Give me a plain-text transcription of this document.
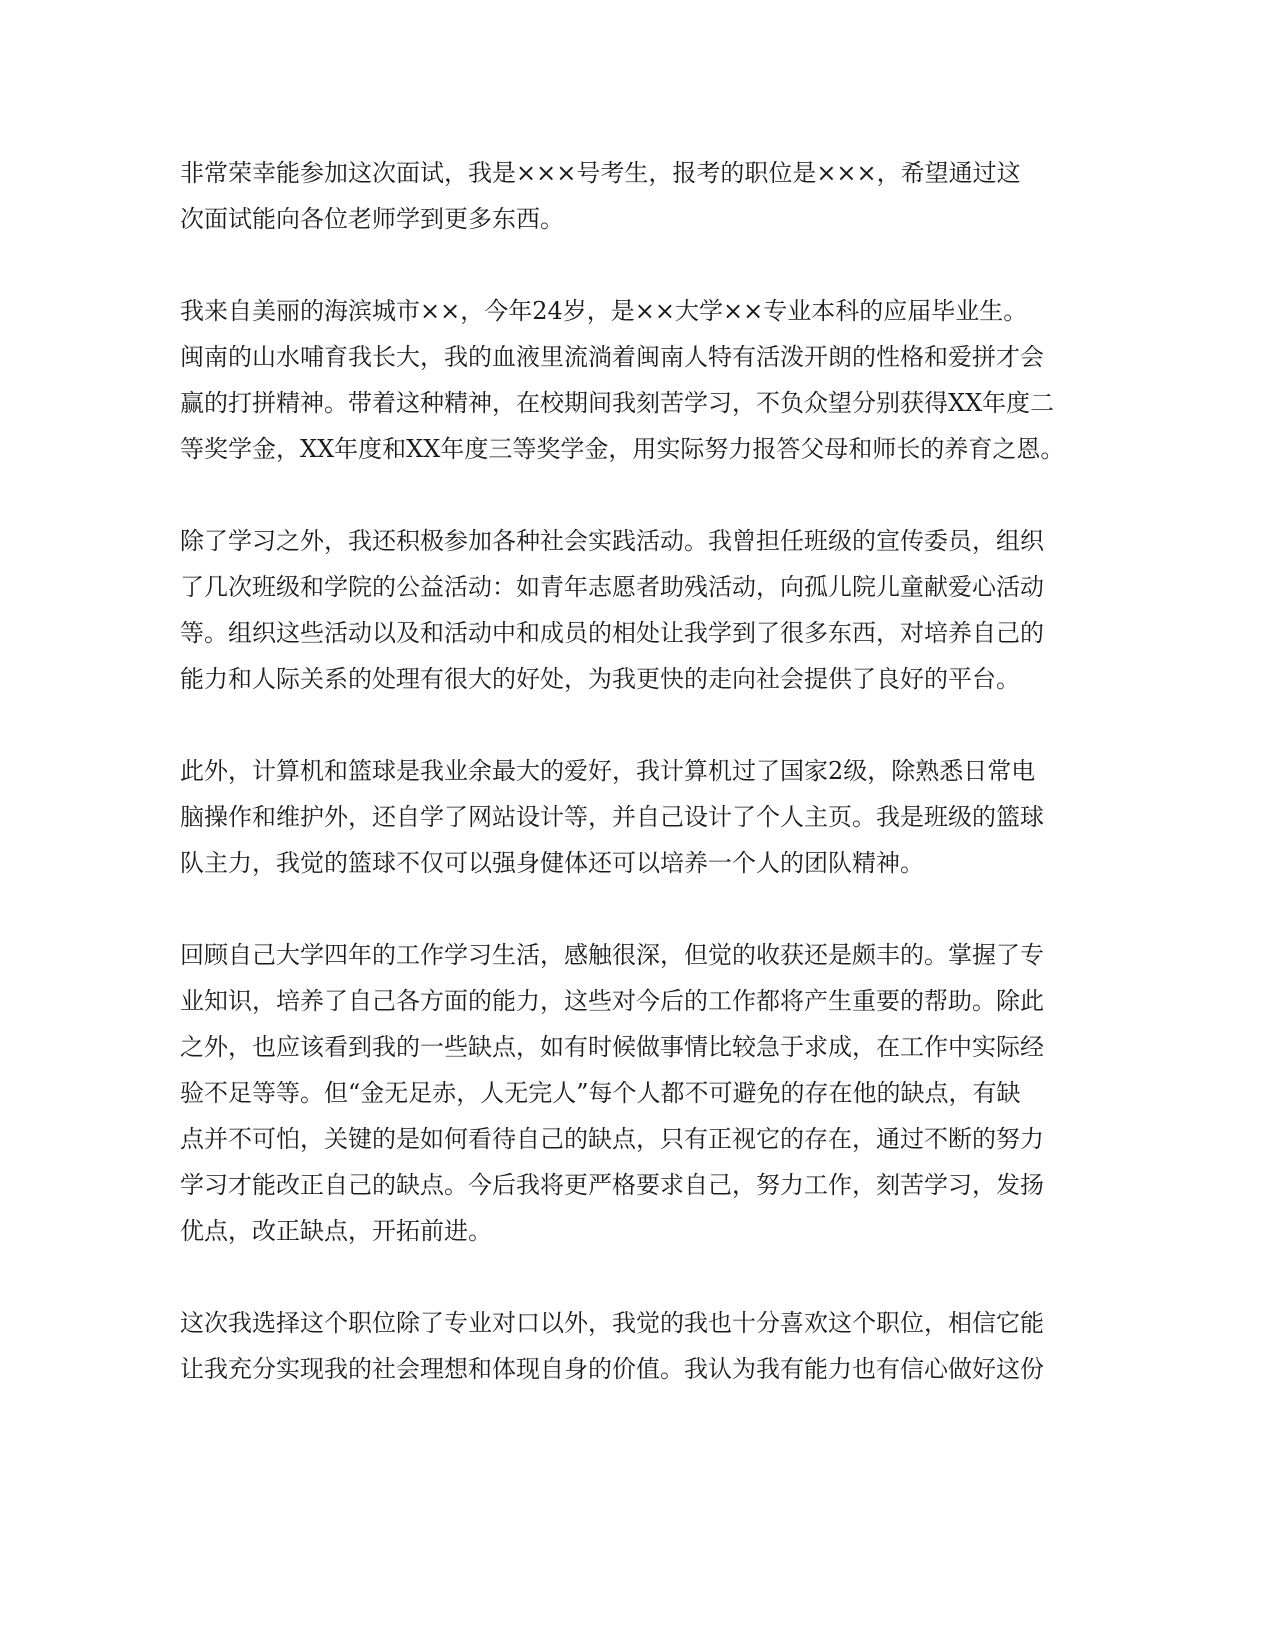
非常荣幸能参加这次面试，我是×××号考生，报考的职位是×××，希望通过这
次面试能向各位老师学到更多东西。
我来自美丽的海滨城市××，今年24岁，是××大学××专业本科的应届毕业生。
闽南的山水哺育我长大，我的血液里流淌着闽南人特有活泼开朗的性格和爱拼才会
赢的打拼精神。带着这种精神，在校期间我刻苦学习，不负众望分别获得XX年度二
等奖学金，XX年度和XX年度三等奖学金，用实际努力报答父母和师长的养育之恩。
除了学习之外，我还积极参加各种社会实践活动。我曾担任班级的宣传委员，组织
了几次班级和学院的公益活动：如青年志愿者助残活动，向孤儿院儿童献爱心活动
等。组织这些活动以及和活动中和成员的相处让我学到了很多东西，对培养自己的
能力和人际关系的处理有很大的好处，为我更快的走向社会提供了良好的平台。
此外，计算机和篮球是我业余最大的爱好，我计算机过了国家2级，除熟悉日常电
脑操作和维护外，还自学了网站设计等，并自己设计了个人主页。我是班级的篮球
队主力，我觉的篮球不仅可以强身健体还可以培养一个人的团队精神。
回顾自己大学四年的工作学习生活，感触很深，但觉的收获还是颇丰的。掌握了专
业知识，培养了自己各方面的能力，这些对今后的工作都将产生重要的帮助。除此
之外，也应该看到我的一些缺点，如有时候做事情比较急于求成，在工作中实际经
验不足等等。但“金无足赤，人无完人”每个人都不可避免的存在他的缺点，有缺
点并不可怕，关键的是如何看待自己的缺点，只有正视它的存在，通过不断的努力
学习才能改正自己的缺点。今后我将更严格要求自己，努力工作，刻苦学习，发扬
优点，改正缺点，开拓前进。
这次我选择这个职位除了专业对口以外，我觉的我也十分喜欢这个职位，相信它能
让我充分实现我的社会理想和体现自身的价值。我认为我有能力也有信心做好这份
